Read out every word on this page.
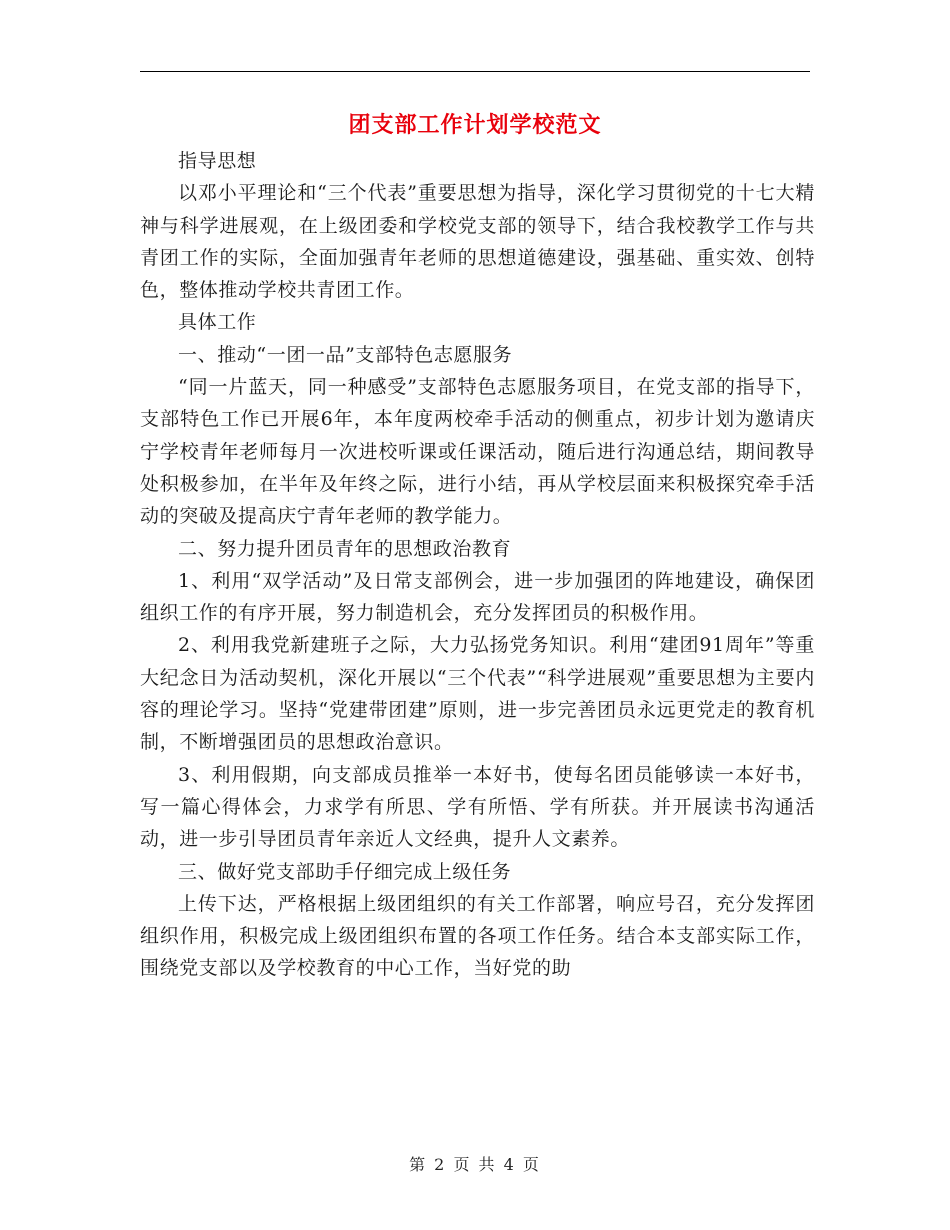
团支部工作计划学校范文

指导思想

以邓小平理论和“三个代表”重要思想为指导，深化学习贯彻党的十七大精神与科学进展观，在上级团委和学校党支部的领导下，结合我校教学工作与共青团工作的实际，全面加强青年老师的思想道德建设，强基础、重实效、创特色，整体推动学校共青团工作。

具体工作

一、推动“一团一品”支部特色志愿服务

“同一片蓝天，同一种感受”支部特色志愿服务项目，在党支部的指导下，支部特色工作已开展6年，本年度两校牵手活动的侧重点，初步计划为邀请庆宁学校青年老师每月一次进校听课或任课活动，随后进行沟通总结，期间教导处积极参加，在半年及年终之际，进行小结，再从学校层面来积极探究牵手活动的突破及提高庆宁青年老师的教学能力。

二、努力提升团员青年的思想政治教育

1、利用“双学活动”及日常支部例会，进一步加强团的阵地建设，确保团组织工作的有序开展，努力制造机会，充分发挥团员的积极作用。

2、利用我党新建班子之际，大力弘扬党务知识。利用“建团91周年”等重大纪念日为活动契机，深化开展以“三个代表”“科学进展观”重要思想为主要内容的理论学习。坚持“党建带团建”原则，进一步完善团员永远更党走的教育机制，不断增强团员的思想政治意识。

3、利用假期，向支部成员推举一本好书，使每名团员能够读一本好书，写一篇心得体会，力求学有所思、学有所悟、学有所获。并开展读书沟通活动，进一步引导团员青年亲近人文经典，提升人文素养。

三、做好党支部助手仔细完成上级任务

上传下达，严格根据上级团组织的有关工作部署，响应号召，充分发挥团组织作用，积极完成上级团组织布置的各项工作任务。结合本支部实际工作，围绕党支部以及学校教育的中心工作，当好党的助

第 2 页 共 4 页
